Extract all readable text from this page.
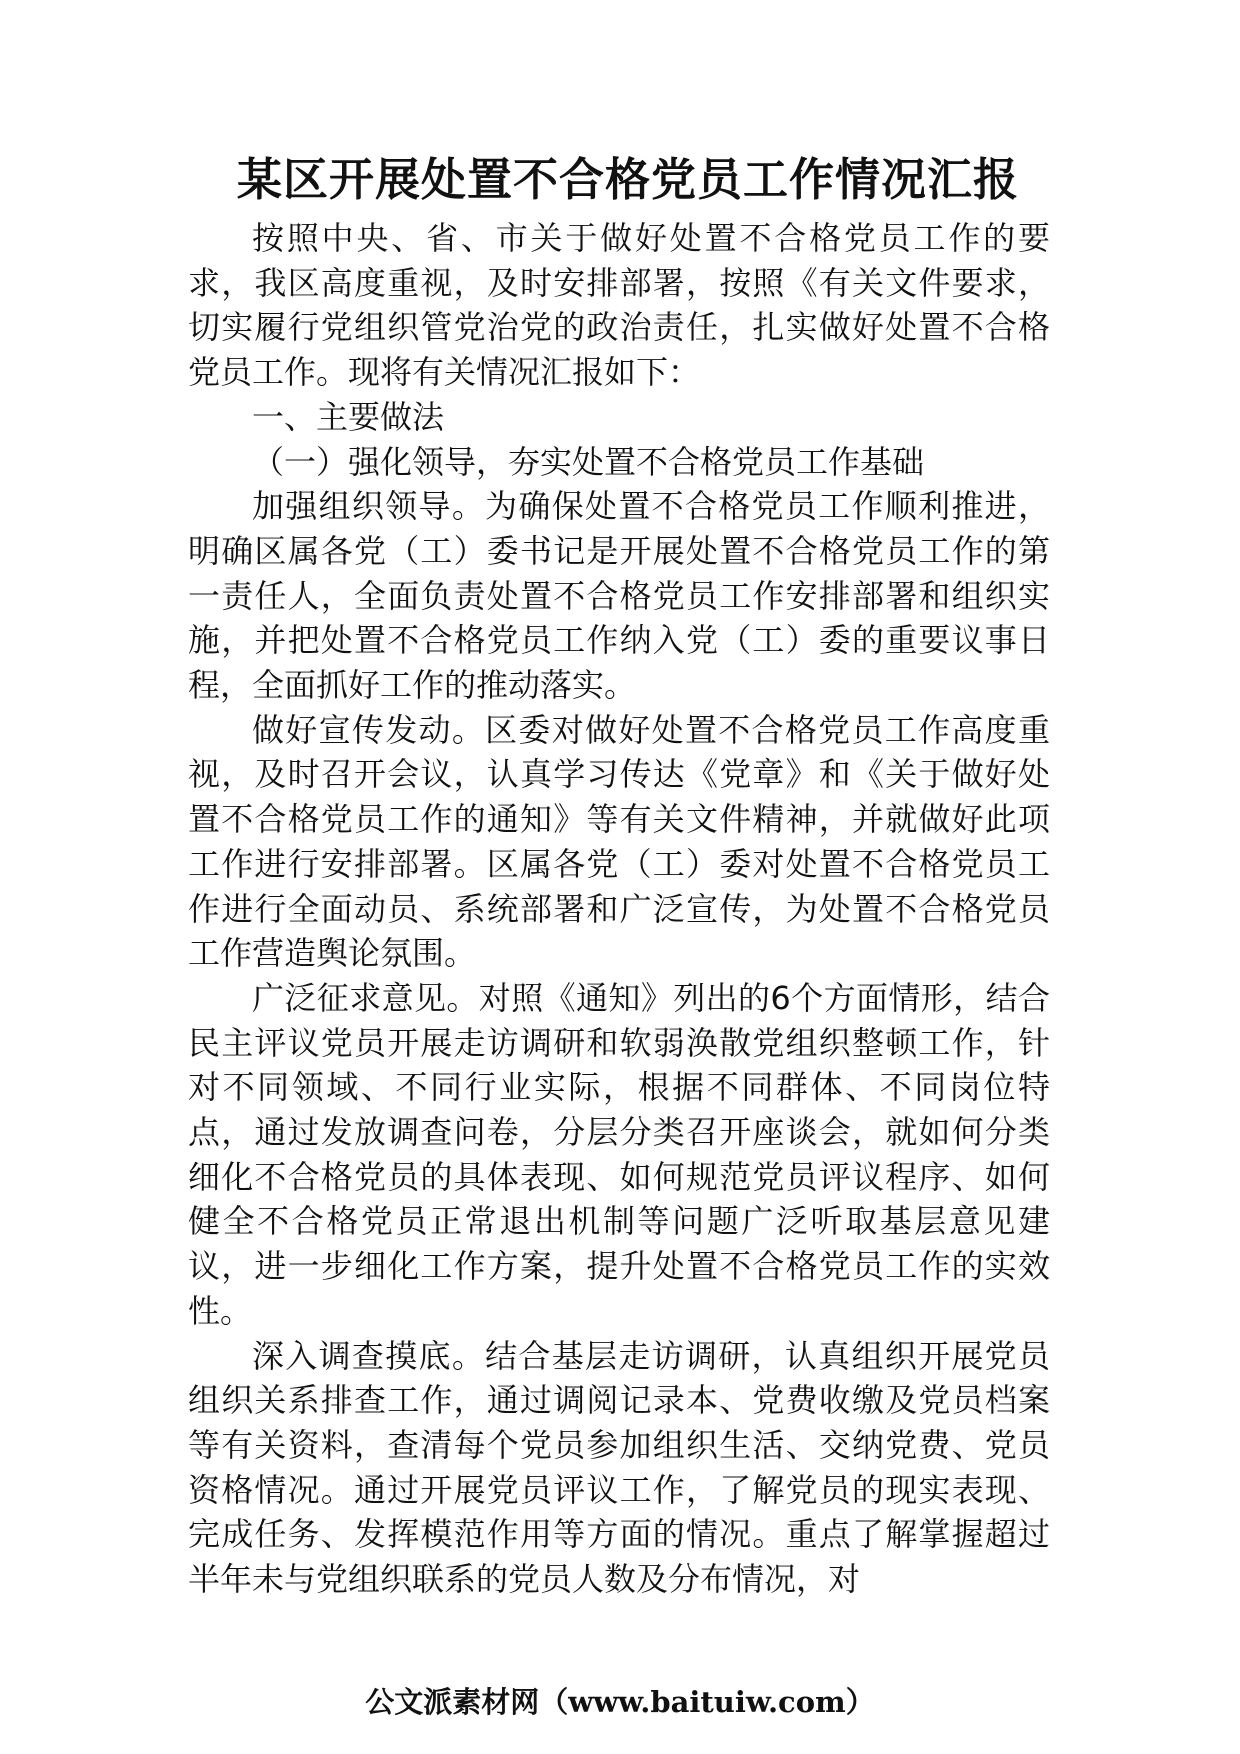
某区开展处置不合格党员工作情况汇报

按照中央、省、市关于做好处置不合格党员工作的要求，我区高度重视，及时安排部署，按照《有关文件要求，切实履行党组织管党治党的政治责任，扎实做好处置不合格党员工作。现将有关情况汇报如下：

一、主要做法

（一）强化领导，夯实处置不合格党员工作基础

加强组织领导。为确保处置不合格党员工作顺利推进，明确区属各党（工）委书记是开展处置不合格党员工作的第一责任人，全面负责处置不合格党员工作安排部署和组织实施，并把处置不合格党员工作纳入党（工）委的重要议事日程，全面抓好工作的推动落实。

做好宣传发动。区委对做好处置不合格党员工作高度重视，及时召开会议，认真学习传达《党章》和《关于做好处置不合格党员工作的通知》等有关文件精神，并就做好此项工作进行安排部署。区属各党（工）委对处置不合格党员工作进行全面动员、系统部署和广泛宣传，为处置不合格党员工作营造舆论氛围。

广泛征求意见。对照《通知》列出的6个方面情形，结合民主评议党员开展走访调研和软弱涣散党组织整顿工作，针对不同领域、不同行业实际，根据不同群体、不同岗位特点，通过发放调查问卷，分层分类召开座谈会，就如何分类细化不合格党员的具体表现、如何规范党员评议程序、如何健全不合格党员正常退出机制等问题广泛听取基层意见建议，进一步细化工作方案，提升处置不合格党员工作的实效性。

深入调查摸底。结合基层走访调研，认真组织开展党员组织关系排查工作，通过调阅记录本、党费收缴及党员档案等有关资料，查清每个党员参加组织生活、交纳党费、党员资格情况。通过开展党员评议工作，了解党员的现实表现、完成任务、发挥模范作用等方面的情况。重点了解掌握超过半年未与党组织联系的党员人数及分布情况，对

公文派素材网（www.baituiw.com）
